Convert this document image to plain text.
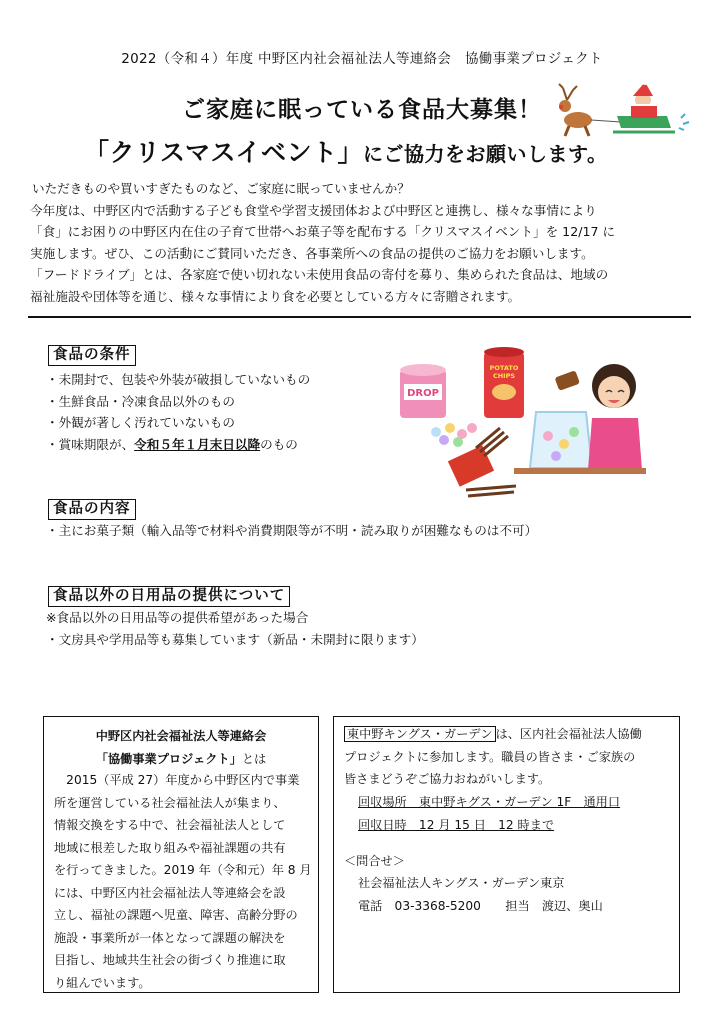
2022（令和４）年度 中野区内社会福祉法人等連絡会　協働事業プロジェクト
ご家庭に眠っている食品大募集！
「クリスマスイベント」にご協力をお願いします。

いただきものや買いすぎたものなど、ご家庭に眠っていませんか？

今年度は、中野区内で活動する子ども食堂や学習支援団体および中野区と連携し、様々な事情により

「食」にお困りの中野区内在住の子育て世帯へお菓子等を配布する「クリスマスイベント」を 12/17 に

実施します。ぜひ、この活動にご賛同いただき、各事業所への食品の提供のご協力をお願いします。

「フードドライブ」とは、各家庭で使い切れない未使用食品の寄付を募り、集められた食品は、地域の

福祉施設や団体等を通じ、様々な事情により食を必要としている方々に寄贈されます。

食品の条件

・未開封で、包装や外装が破損していないもの

・生鮮食品・冷凍食品以外のもの

・外観が著しく汚れていないもの

・賞味期限が、令和５年１月末日以降のもの

DROP
POTATO
CHIPS
食品の内容

・主にお菓子類（輸入品等で材料や消費期限等が不明・読み取りが困難なものは不可）

食品以外の日用品の提供について

※食品以外の日用品等の提供希望があった場合

・文房具や学用品等も募集しています（新品・未開封に限ります）

中野区内社会福祉法人等連絡会
「協働事業プロジェクト」とは

　2015（平成 27）年度から中野区内で事業

所を運営している社会福祉法人が集まり、

情報交換をする中で、社会福祉法人として

地域に根差した取り組みや福祉課題の共有

を行ってきました。2019 年（令和元）年 8 月

には、中野区内社会福祉法人等連絡会を設

立し、福祉の課題へ児童、障害、高齢分野の

施設・事業所が一体となって課題の解決を

目指し、地域共生社会の街づくり推進に取

り組んでいます。

東中野キングス・ガーデン は、区内社会福祉法人協働

プロジェクトに参加します。職員の皆さま・ご家族の

皆さまどうぞご協力おねがいします。

回収場所　東中野キグス・ガーデン 1F　通用口

回収日時　12 月 15 日　12 時まで

＜問合せ＞

社会福祉法人キングス・ガーデン東京

電話　03-3368-5200　　担当　渡辺、奥山
